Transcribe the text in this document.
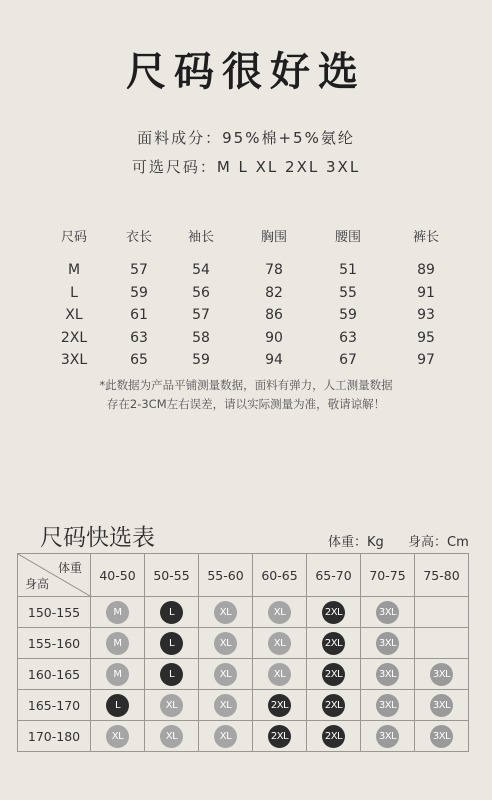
尺码很好选
面料成分：95%棉+5%氨纶
可选尺码：M L XL 2XL 3XL
尺码	衣长	袖长	胸围	腰围	裤长
M	57	54	78	51	89
L	59	56	82	55	91
XL	61	57	86	59	93
2XL	63	58	90	63	95
3XL	65	59	94	67	97
*此数据为产品平铺测量数据，面料有弹力，人工测量数据
存在2-3CM左右误差，请以实际测量为准，敬请谅解！
尺码快选表	体重：Kg 身高：Cm
体重
身高	40-50	50-55	55-60	60-65	65-70	70-75	75-80
150-155	M	L	XL	XL	2XL	3XL	
155-160	M	L	XL	XL	2XL	3XL	
160-165	M	L	XL	XL	2XL	3XL	3XL
165-170	L	XL	XL	2XL	2XL	3XL	3XL
170-180	XL	XL	XL	2XL	2XL	3XL	3XL
